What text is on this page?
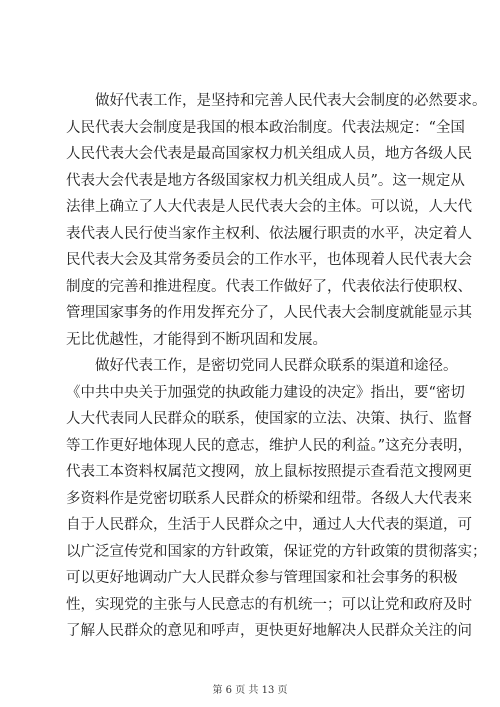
做好代表工作，是坚持和完善人民代表大会制度的必然要求。
人民代表大会制度是我国的根本政治制度。代表法规定：“全国
人民代表大会代表是最高国家权力机关组成人员，地方各级人民
代表大会代表是地方各级国家权力机关组成人员”。这一规定从
法律上确立了人大代表是人民代表大会的主体。可以说，人大代
表代表人民行使当家作主权利、依法履行职责的水平，决定着人
民代表大会及其常务委员会的工作水平，也体现着人民代表大会
制度的完善和推进程度。代表工作做好了，代表依法行使职权、
管理国家事务的作用发挥充分了，人民代表大会制度就能显示其
无比优越性，才能得到不断巩固和发展。
做好代表工作，是密切党同人民群众联系的渠道和途径。
《中共中央关于加强党的执政能力建设的决定》指出，要“密切
人大代表同人民群众的联系，使国家的立法、决策、执行、监督
等工作更好地体现人民的意志，维护人民的利益。”这充分表明，
代表工本资料权属范文搜网，放上鼠标按照提示查看范文搜网更
多资料作是党密切联系人民群众的桥梁和纽带。各级人大代表来
自于人民群众，生活于人民群众之中，通过人大代表的渠道，可
以广泛宣传党和国家的方针政策，保证党的方针政策的贯彻落实；
可以更好地调动广大人民群众参与管理国家和社会事务的积极
性，实现党的主张与人民意志的有机统一；可以让党和政府及时
了解人民群众的意见和呼声，更快更好地解决人民群众关注的问
第 6 页 共 13 页
